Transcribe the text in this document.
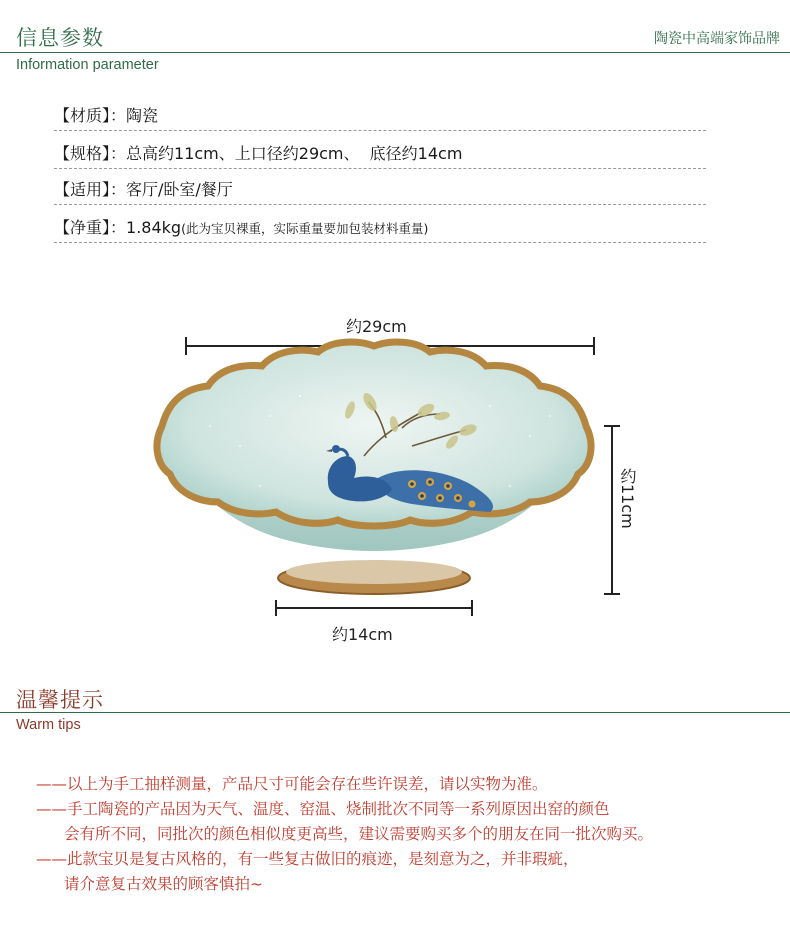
信息参数	陶瓷中高端家饰品牌
Information parameter
【材质】：陶瓷
【规格】：总高约11cm、上口径约29cm、  底径约14cm
【适用】：客厅/卧室/餐厅
【净重】：1.84kg(此为宝贝裸重，实际重量要加包装材料重量)
约29cm
约11cm
约14cm
温馨提示
Warm tips
——以上为手工抽样测量，产品尺寸可能会存在些许误差，请以实物为准。
——手工陶瓷的产品因为天气、温度、窑温、烧制批次不同等一系列原因出窑的颜色
会有所不同，同批次的颜色相似度更高些，建议需要购买多个的朋友在同一批次购买。
——此款宝贝是复古风格的，有一些复古做旧的痕迹，是刻意为之，并非瑕疵，
请介意复古效果的顾客慎拍~
